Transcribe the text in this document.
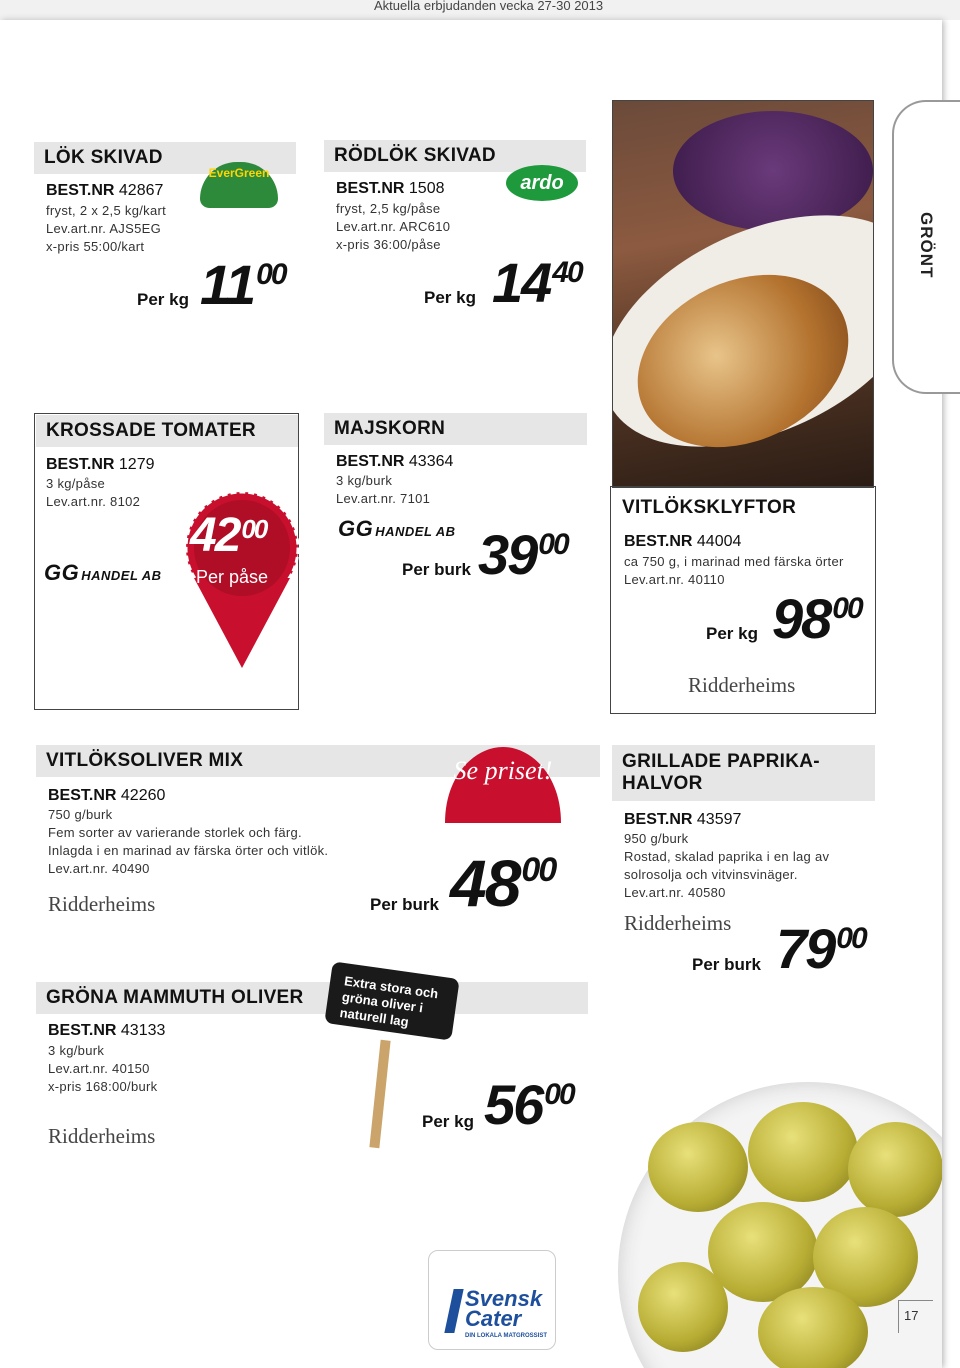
Aktuella erbjudanden vecka 27-30 2013
GRÖNT
LÖK SKIVAD
EverGreen
BEST.NR 42867
fryst, 2 x 2,5 kg/kart
Lev.art.nr. AJS5EG
x-pris 55:00/kart
Per kg 1100
RÖDLÖK SKIVAD
ardo
BEST.NR 1508
fryst, 2,5 kg/påse
Lev.art.nr. ARC610
x-pris 36:00/påse
Per kg 1440
KROSSADE TOMATER
BEST.NR 1279
3 kg/påse
Lev.art.nr. 8102
GG HANDEL AB
4200
Per påse
MAJSKORN
BEST.NR 43364
3 kg/burk
Lev.art.nr. 7101
GG HANDEL AB
Per burk 3900
VITLÖKSKLYFTOR
BEST.NR 44004
ca 750 g, i marinad med färska örter
Lev.art.nr. 40110
Per kg 9800
Ridderheims
VITLÖKSOLIVER MIX
BEST.NR 42260
750 g/burk
Fem sorter av varierande storlek och färg.
Inlagda i en marinad av färska örter och vitlök.
Lev.art.nr. 40490
Ridderheims
Se priset!
Per burk 4800
GRILLADE PAPRIKA-
HALVOR
BEST.NR 43597
950 g/burk
Rostad, skalad paprika i en lag av
solrosolja och vitvinsvinäger.
Lev.art.nr. 40580
Ridderheims
Per burk 7900
GRÖNA MAMMUTH OLIVER
BEST.NR 43133
3 kg/burk
Lev.art.nr. 40150
x-pris 168:00/burk
Ridderheims
Extra stora och gröna oliver i naturell lag
Per kg 5600
Svensk
Cater
DIN LOKALA MATGROSSIST
17
